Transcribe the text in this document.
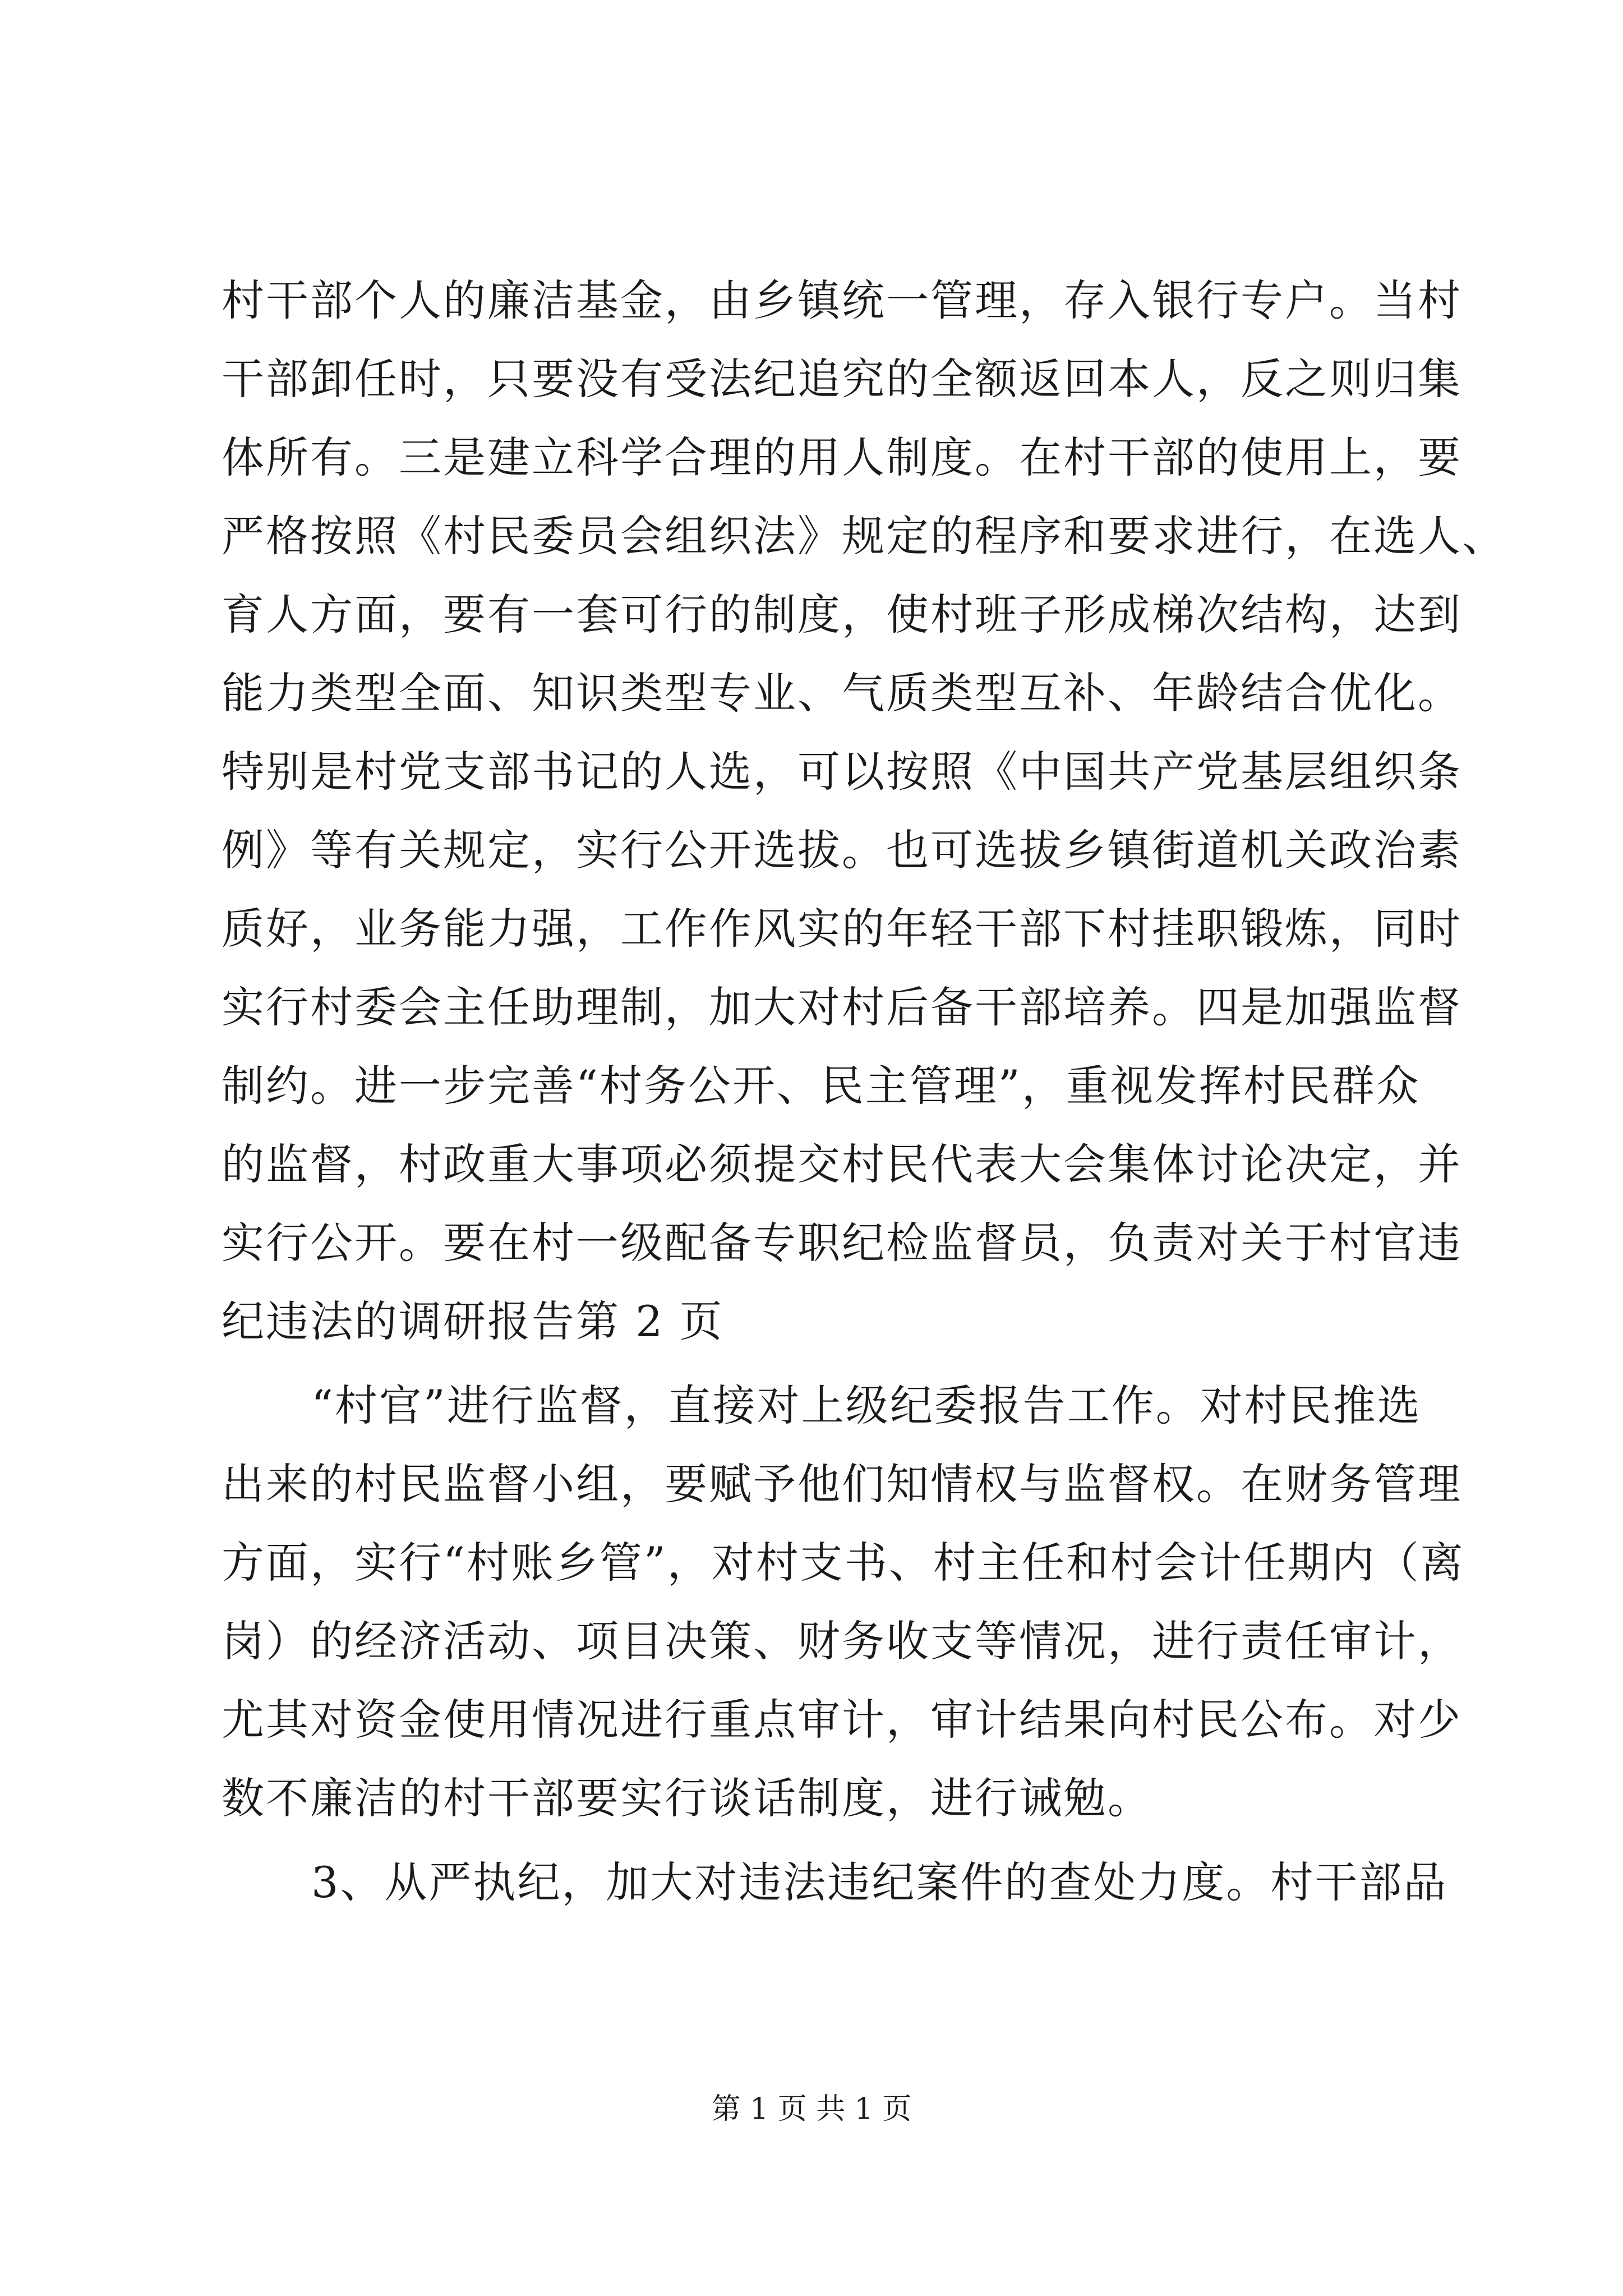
村干部个人的廉洁基金，由乡镇统一管理，存入银行专户。当村
干部卸任时，只要没有受法纪追究的全额返回本人，反之则归集
体所有。三是建立科学合理的用人制度。在村干部的使用上，要
严格按照《村民委员会组织法》规定的程序和要求进行，在选人、
育人方面，要有一套可行的制度，使村班子形成梯次结构，达到
能力类型全面、知识类型专业、气质类型互补、年龄结合优化。
特别是村党支部书记的人选，可以按照《中国共产党基层组织条
例》等有关规定，实行公开选拔。也可选拔乡镇街道机关政治素
质好，业务能力强，工作作风实的年轻干部下村挂职锻炼，同时
实行村委会主任助理制，加大对村后备干部培养。四是加强监督
制约。进一步完善“村务公开、民主管理”，重视发挥村民群众
的监督，村政重大事项必须提交村民代表大会集体讨论决定，并
实行公开。要在村一级配备专职纪检监督员，负责对关于村官违
纪违法的调研报告第 2 页
“村官”进行监督，直接对上级纪委报告工作。对村民推选
出来的村民监督小组，要赋予他们知情权与监督权。在财务管理
方面，实行“村账乡管”，对村支书、村主任和村会计任期内（离
岗）的经济活动、项目决策、财务收支等情况，进行责任审计，
尤其对资金使用情况进行重点审计，审计结果向村民公布。对少
数不廉洁的村干部要实行谈话制度，进行诫勉。
3、从严执纪，加大对违法违纪案件的查处力度。村干部品
第 1 页 共 1 页
